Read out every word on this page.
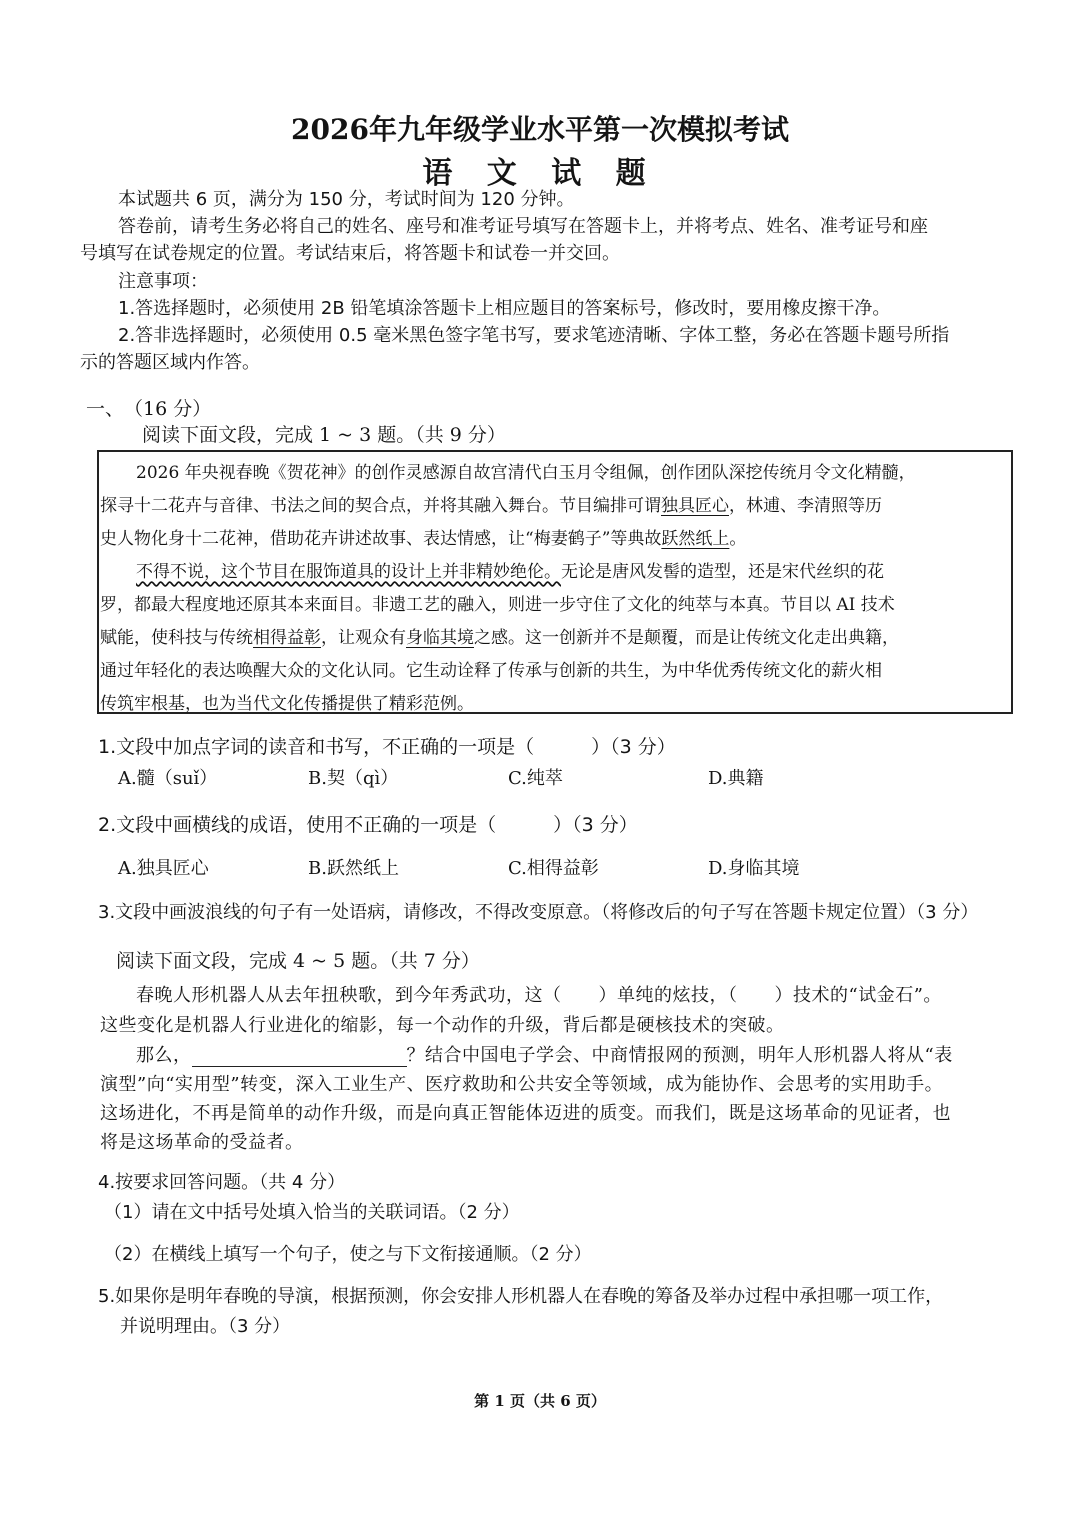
2026年九年级学业水平第一次模拟考试
语 文 试 题
本试题共 6 页，满分为 150 分，考试时间为 120 分钟。
答卷前，请考生务必将自己的姓名、座号和准考证号填写在答题卡上，并将考点、姓名、准考证号和座
号填写在试卷规定的位置。考试结束后，将答题卡和试卷一并交回。
注意事项：
1.答选择题时，必须使用 2B 铅笔填涂答题卡上相应题目的答案标号，修改时，要用橡皮擦干净。
2.答非选择题时，必须使用 0.5 毫米黑色签字笔书写，要求笔迹清晰、字体工整，务必在答题卡题号所指
示的答题区域内作答。
一、　（16 分）
阅读下面文段，完成 1 ~ 3 题。（共 9 分）
2026 年央视春晚《贺花神》的创作灵感源自故宫清代白玉月令组佩，创作团队深挖传统月令文化精髓，
探寻十二花卉与音律、书法之间的契合点，并将其融入舞台。节目编排可谓独具匠心，林逋、李清照等历
史人物化身十二花神，借助花卉讲述故事、表达情感，让“梅妻鹤子”等典故跃然纸上。
不得不说，这个节目在服饰道具的设计上并非精妙绝伦。无论是唐风发髻的造型，还是宋代丝织的花
罗，都最大程度地还原其本来面目。非遗工艺的融入，则进一步守住了文化的纯萃与本真。节目以 AI 技术
赋能，使科技与传统相得益彰，让观众有身临其境之感。这一创新并不是颠覆，而是让传统文化走出典籍，
通过年轻化的表达唤醒大众的文化认同。它生动诠释了传承与创新的共生，为中华优秀传统文化的薪火相
传筑牢根基，也为当代文化传播提供了精彩范例。
1.文段中加点字词的读音和书写，不正确的一项是（　　　）（3 分）
A.髓（suǐ）	B.契（qì）	C.纯萃	D.典籍
2.文段中画横线的成语，使用不正确的一项是（　　　）（3 分）
A.独具匠心	B.跃然纸上	C.相得益彰	D.身临其境
3.文段中画波浪线的句子有一处语病，请修改，不得改变原意。（将修改后的句子写在答题卡规定位置）（3 分）
阅读下面文段，完成 4 ~ 5 题。（共 7 分）
春晚人形机器人从去年扭秧歌，到今年秀武功，这（　　）单纯的炫技，（　　）技术的“试金石”。
这些变化是机器人行业进化的缩影，每一个动作的升级，背后都是硬核技术的突破。
那么，	？结合中国电子学会、中商情报网的预测，明年人形机器人将从“表
演型”向“实用型”转变，深入工业生产、医疗救助和公共安全等领域，成为能协作、会思考的实用助手。
这场进化，不再是简单的动作升级，而是向真正智能体迈进的质变。而我们，既是这场革命的见证者，也
将是这场革命的受益者。
4.按要求回答问题。（共 4 分）
（1）请在文中括号处填入恰当的关联词语。（2 分）
（2）在横线上填写一个句子，使之与下文衔接通顺。（2 分）
5.如果你是明年春晚的导演，根据预测，你会安排人形机器人在春晚的筹备及举办过程中承担哪一项工作，
并说明理由。（3 分）
第 1 页（共 6 页）
